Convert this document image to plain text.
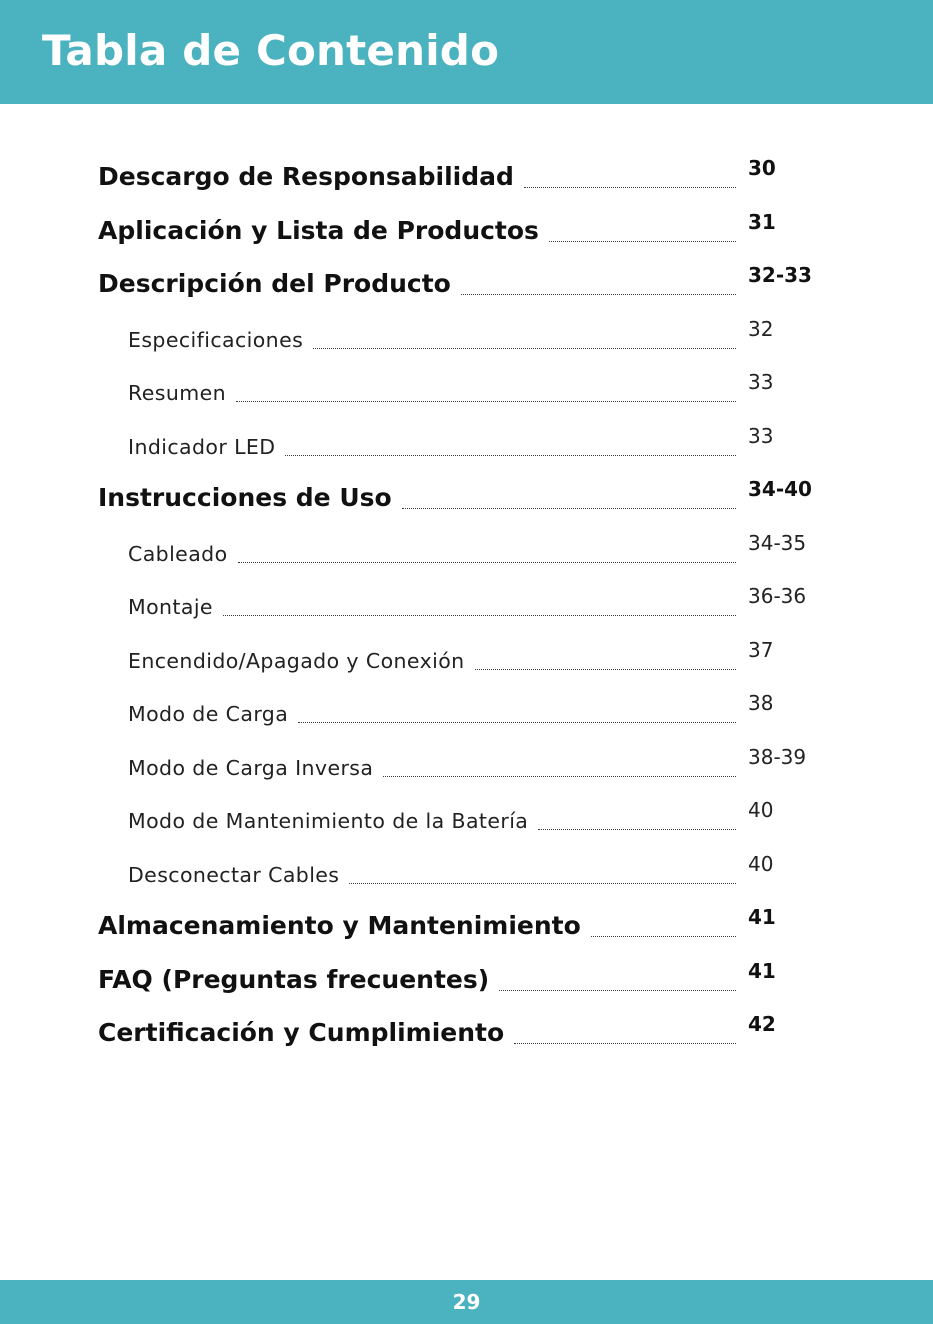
Tabla de Contenido
Descargo de Responsabilidad	30
Aplicación y Lista de Productos	31
Descripción del Producto	32-33
Especificaciones	32
Resumen	33
Indicador LED	33
Instrucciones de Uso	34-40
Cableado	34-35
Montaje	36-36
Encendido/Apagado y Conexión	37
Modo de Carga	38
Modo de Carga Inversa	38-39
Modo de Mantenimiento de la Batería	40
Desconectar Cables	40
Almacenamiento y Mantenimiento	41
FAQ (Preguntas frecuentes)	41
Certificación y Cumplimiento	42
29
